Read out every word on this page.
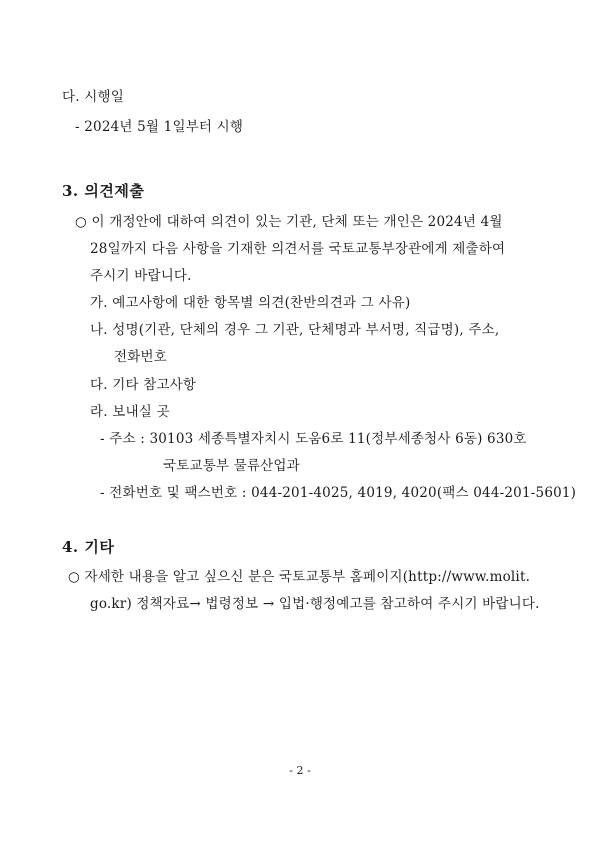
다. 시행일
- 2024년 5월 1일부터 시행
3. 의견제출
○ 이 개정안에 대하여 의견이 있는 기관, 단체 또는 개인은 2024년 4월
28일까지 다음 사항을 기재한 의견서를 국토교통부장관에게 제출하여
주시기 바랍니다.
가. 예고사항에 대한 항목별 의견(찬반의견과 그 사유)
나. 성명(기관, 단체의 경우 그 기관, 단체명과 부서명, 직급명), 주소,
전화번호
다. 기타 참고사항
라. 보내실 곳
- 주소 : 30103 세종특별자치시 도움6로 11(정부세종청사 6동) 630호
국토교통부 물류산업과
- 전화번호 및 팩스번호 : 044-201-4025, 4019, 4020(팩스 044-201-5601)
4. 기타
○ 자세한 내용을 알고 싶으신 분은 국토교통부 홈페이지(http://www.molit.
go.kr) 정책자료→ 법령정보 → 입법·행정예고를 참고하여 주시기 바랍니다.
- 2 -
